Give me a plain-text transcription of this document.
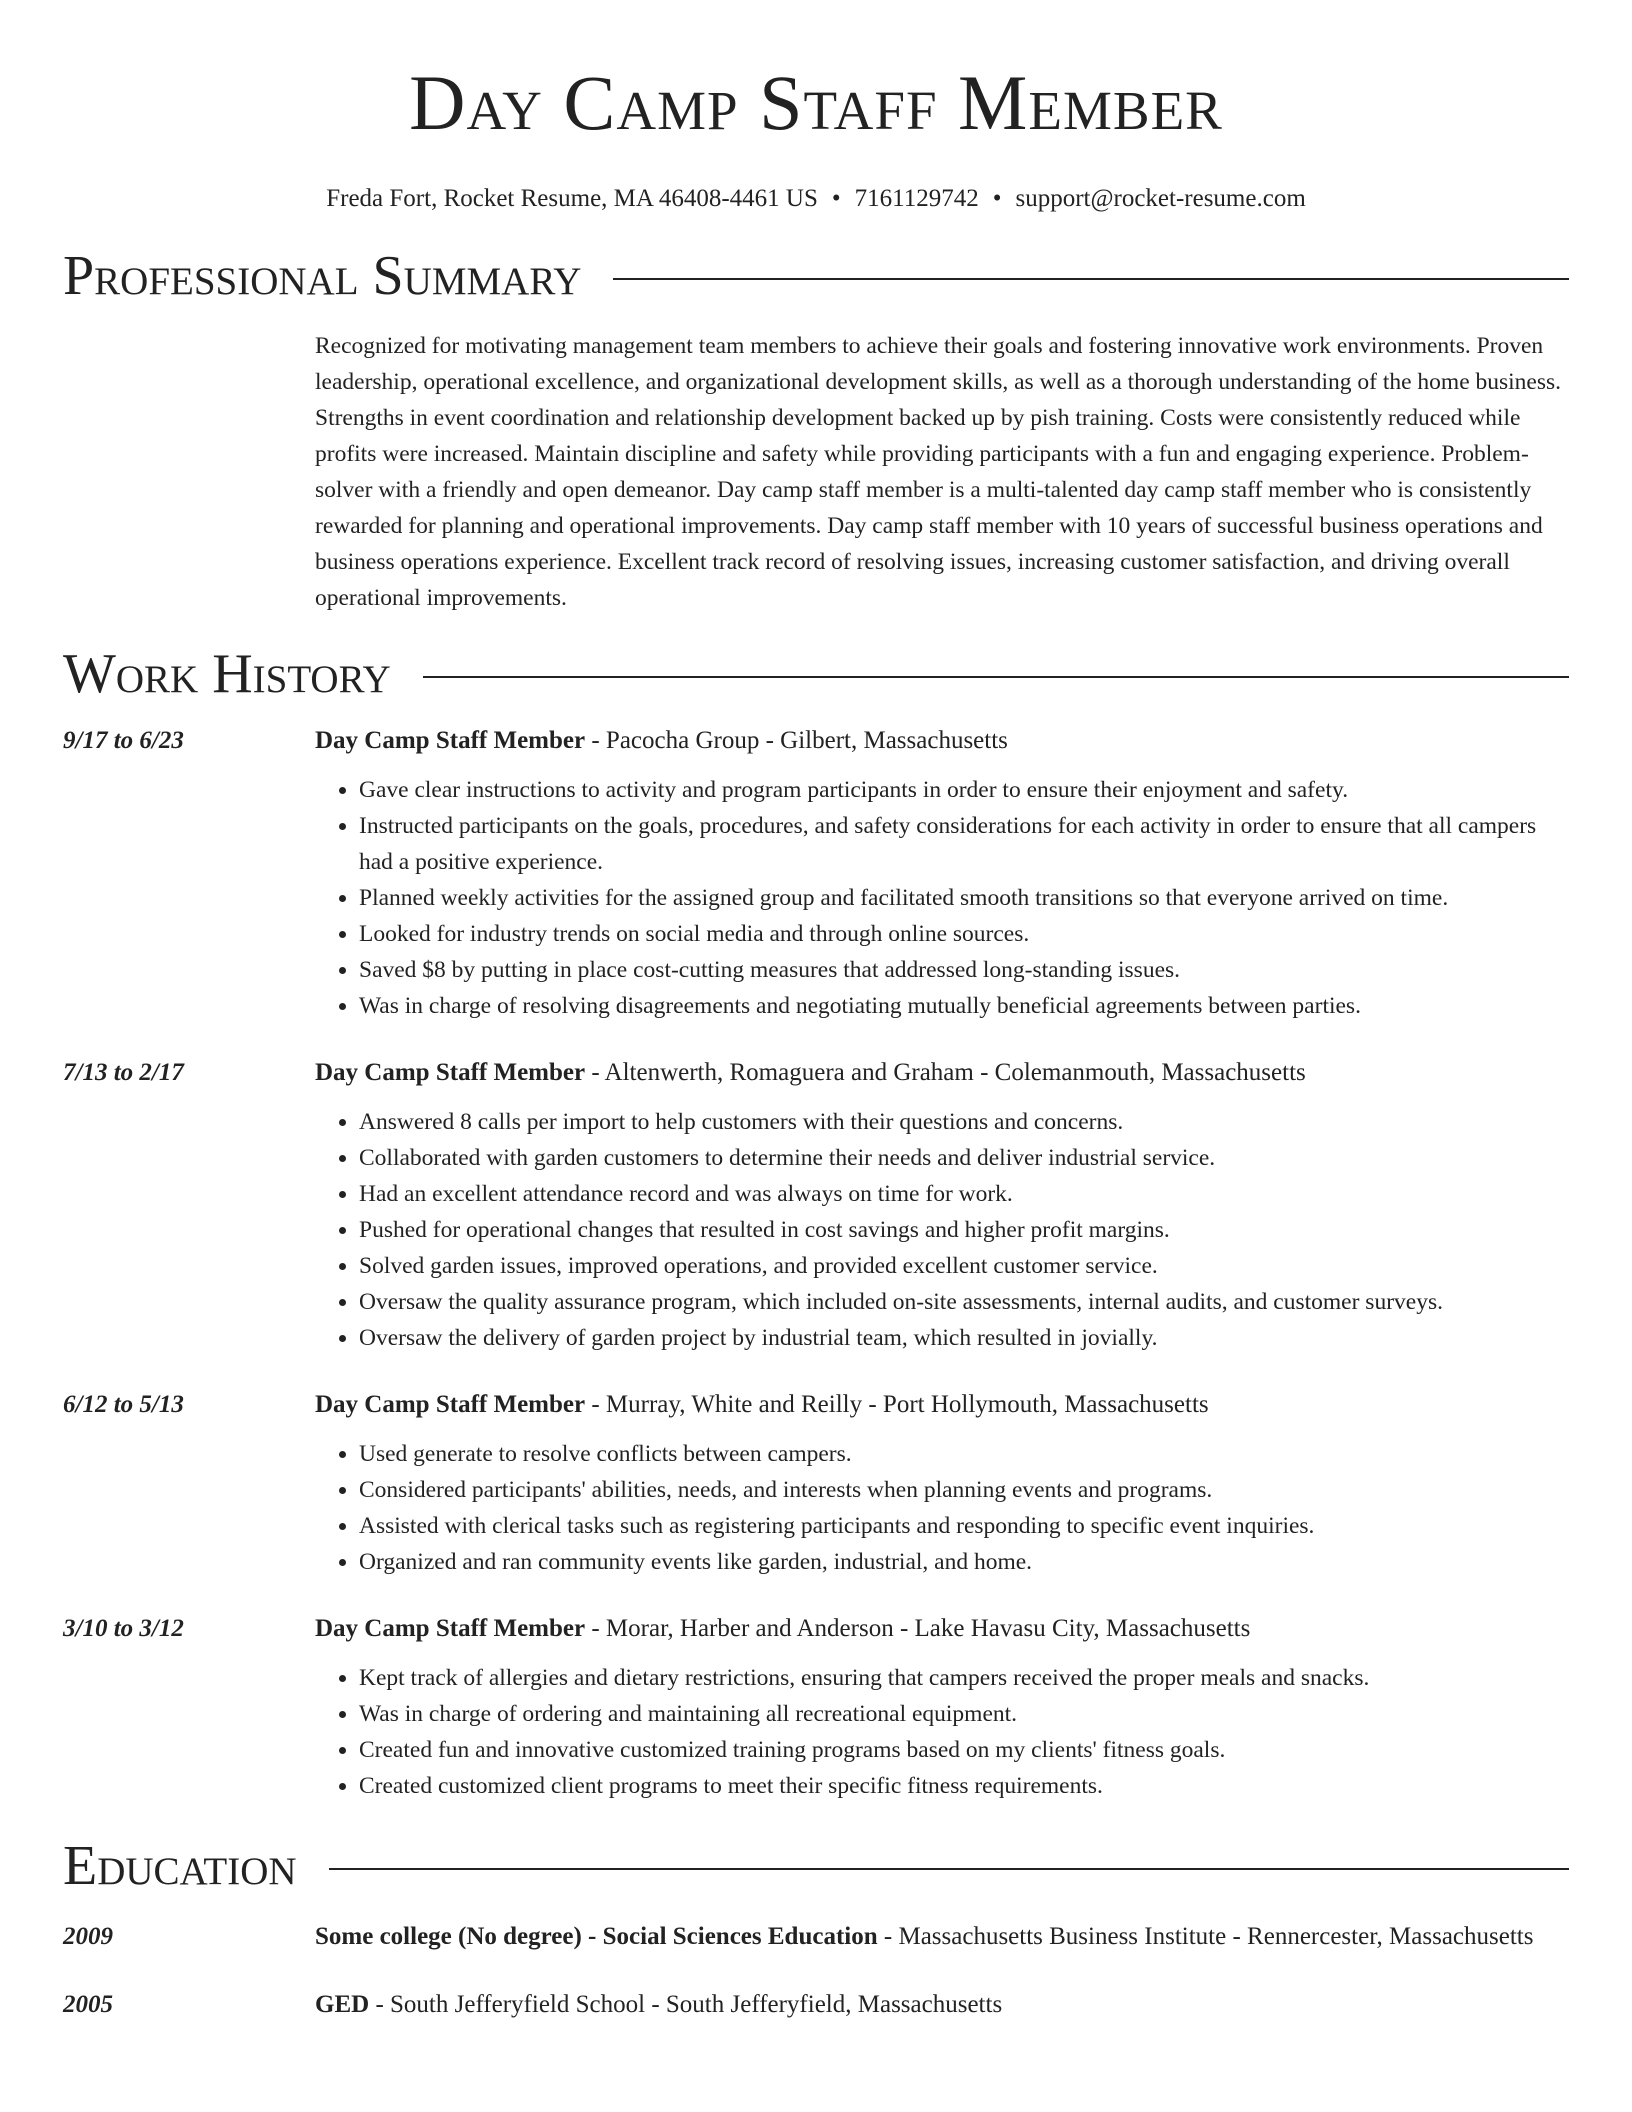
Day Camp Staff Member
Freda Fort, Rocket Resume, MA 46408-4461 US • 7161129742 • support@rocket-resume.com
Professional Summary
Recognized for motivating management team members to achieve their goals and fostering innovative work environments. Proven leadership, operational excellence, and organizational development skills, as well as a thorough understanding of the home business. Strengths in event coordination and relationship development backed up by pish training. Costs were consistently reduced while profits were increased. Maintain discipline and safety while providing participants with a fun and engaging experience. Problem-solver with a friendly and open demeanor. Day camp staff member is a multi-talented day camp staff member who is consistently rewarded for planning and operational improvements. Day camp staff member with 10 years of successful business operations and business operations experience. Excellent track record of resolving issues, increasing customer satisfaction, and driving overall operational improvements.
Work History
9/17 to 6/23	Day Camp Staff Member - Pacocha Group - Gilbert, Massachusetts
• Gave clear instructions to activity and program participants in order to ensure their enjoyment and safety.
• Instructed participants on the goals, procedures, and safety considerations for each activity in order to ensure that all campers had a positive experience.
• Planned weekly activities for the assigned group and facilitated smooth transitions so that everyone arrived on time.
• Looked for industry trends on social media and through online sources.
• Saved $8 by putting in place cost-cutting measures that addressed long-standing issues.
• Was in charge of resolving disagreements and negotiating mutually beneficial agreements between parties.
7/13 to 2/17	Day Camp Staff Member - Altenwerth, Romaguera and Graham - Colemanmouth, Massachusetts
• Answered 8 calls per import to help customers with their questions and concerns.
• Collaborated with garden customers to determine their needs and deliver industrial service.
• Had an excellent attendance record and was always on time for work.
• Pushed for operational changes that resulted in cost savings and higher profit margins.
• Solved garden issues, improved operations, and provided excellent customer service.
• Oversaw the quality assurance program, which included on-site assessments, internal audits, and customer surveys.
• Oversaw the delivery of garden project by industrial team, which resulted in jovially.
6/12 to 5/13	Day Camp Staff Member - Murray, White and Reilly - Port Hollymouth, Massachusetts
• Used generate to resolve conflicts between campers.
• Considered participants' abilities, needs, and interests when planning events and programs.
• Assisted with clerical tasks such as registering participants and responding to specific event inquiries.
• Organized and ran community events like garden, industrial, and home.
3/10 to 3/12	Day Camp Staff Member - Morar, Harber and Anderson - Lake Havasu City, Massachusetts
• Kept track of allergies and dietary restrictions, ensuring that campers received the proper meals and snacks.
• Was in charge of ordering and maintaining all recreational equipment.
• Created fun and innovative customized training programs based on my clients' fitness goals.
• Created customized client programs to meet their specific fitness requirements.
Education
2009	Some college (No degree) - Social Sciences Education - Massachusetts Business Institute - Rennercester, Massachusetts
2005	GED - South Jefferyfield School - South Jefferyfield, Massachusetts
